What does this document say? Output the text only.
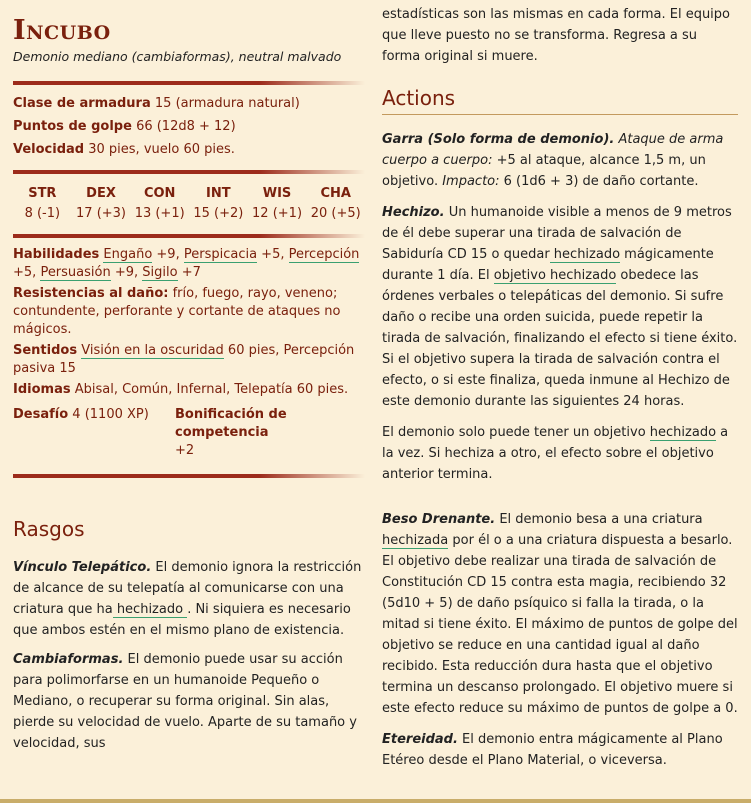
Incubo
Demonio mediano (cambiaformas), neutral malvado
Clase de armadura 15 (armadura natural)
Puntos de golpe 66 (12d8 + 12)
Velocidad 30 pies, vuelo 60 pies.
STR
8 (-1)
DEX
17 (+3)
CON
13 (+1)
INT
15 (+2)
WIS
12 (+1)
CHA
20 (+5)
Habilidades Engaño +9, Perspicacia +5, Percepción +5, Persuasión +9, Sigilo +7
Resistencias al daño: frío, fuego, rayo, veneno; contundente, perforante y cortante de ataques no mágicos.
Sentidos Visión en la oscuridad 60 pies, Percepción pasiva 15
Idiomas Abisal, Común, Infernal, Telepatía 60 pies.
Desafío 4 (1100 XP)	Bonificación de competencia
+2
Rasgos

Vínculo Telepático. El demonio ignora la restricción de alcance de su telepatía al comunicarse con una criatura que ha hechizado . Ni siquiera es necesario que ambos estén en el mismo plano de existencia.

Cambiaformas. El demonio puede usar su acción para polimorfarse en un humanoide Pequeño o Mediano, o recuperar su forma original. Sin alas, pierde su velocidad de vuelo. Aparte de su tamaño y velocidad, sus

estadísticas son las mismas en cada forma. El equipo que lleve puesto no se transforma. Regresa a su forma original si muere.

Actions

Garra (Solo forma de demonio). Ataque de arma cuerpo a cuerpo: +5 al ataque, alcance 1,5 m, un objetivo. Impacto: 6 (1d6 + 3) de daño cortante.

Hechizo. Un humanoide visible a menos de 9 metros de él debe superar una tirada de salvación de Sabiduría CD 15 o quedar hechizado mágicamente durante 1 día. El objetivo hechizado obedece las órdenes verbales o telepáticas del demonio. Si sufre daño o recibe una orden suicida, puede repetir la tirada de salvación, finalizando el efecto si tiene éxito. Si el objetivo supera la tirada de salvación contra el efecto, o si este finaliza, queda inmune al Hechizo de este demonio durante las siguientes 24 horas.

El demonio solo puede tener un objetivo hechizado a la vez. Si hechiza a otro, el efecto sobre el objetivo anterior termina.

Beso Drenante. El demonio besa a una criatura hechizada por él o a una criatura dispuesta a besarlo. El objetivo debe realizar una tirada de salvación de Constitución CD 15 contra esta magia, recibiendo 32 (5d10 + 5) de daño psíquico si falla la tirada, o la mitad si tiene éxito. El máximo de puntos de golpe del objetivo se reduce en una cantidad igual al daño recibido. Esta reducción dura hasta que el objetivo termina un descanso prolongado. El objetivo muere si este efecto reduce su máximo de puntos de golpe a 0.

Etereidad. El demonio entra mágicamente al Plano Etéreo desde el Plano Material, o viceversa.
